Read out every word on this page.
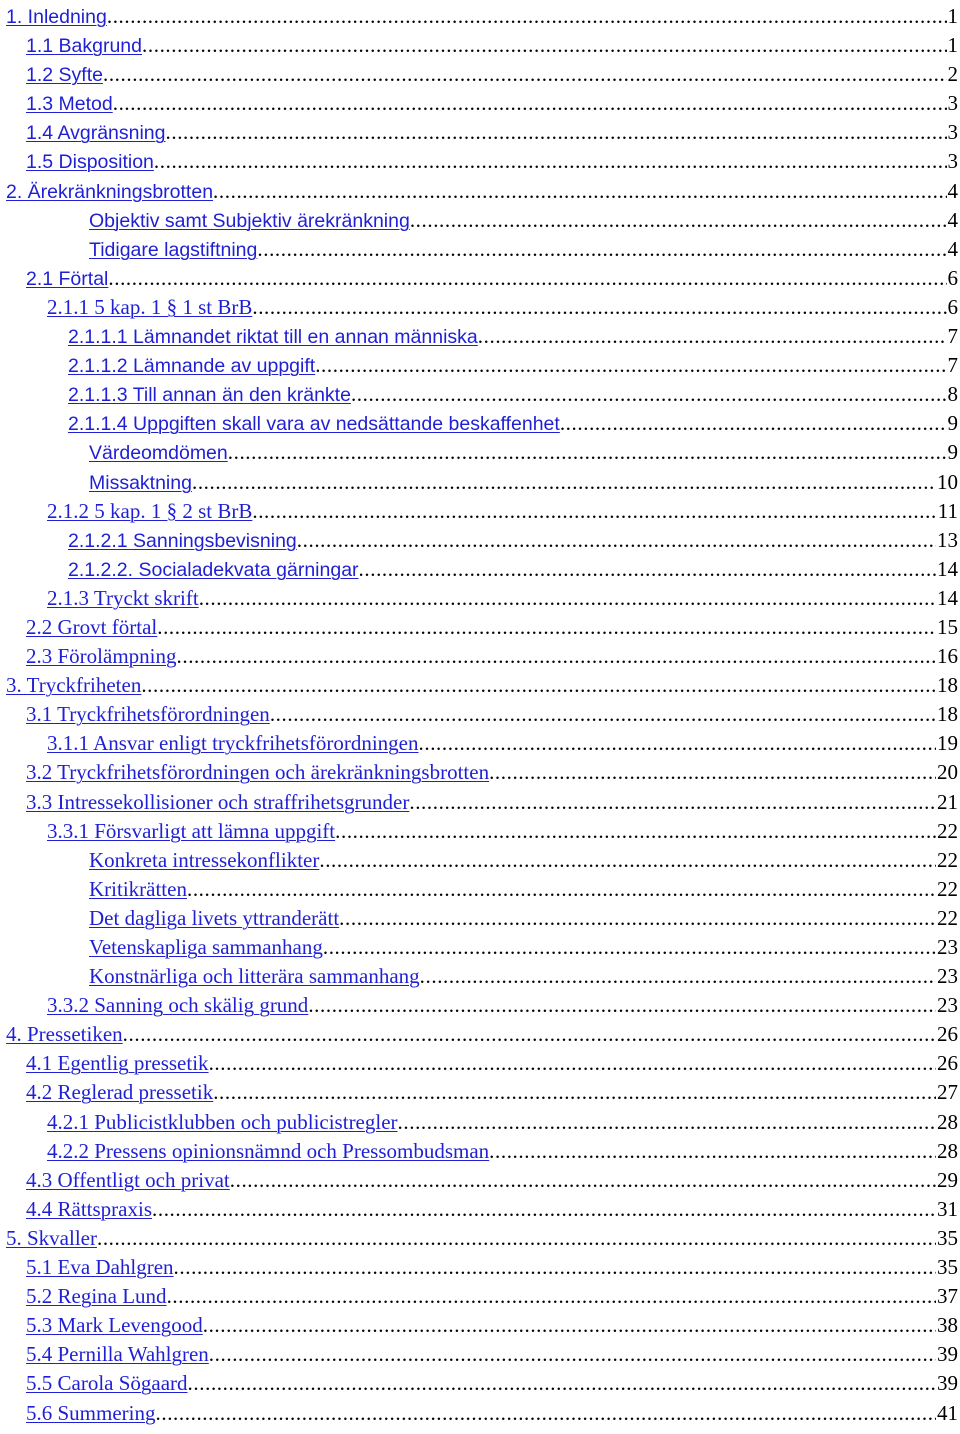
1. Inledning .....	1
1.1 Bakgrund .....	1
1.2 Syfte .....	2
1.3 Metod .....	3
1.4 Avgränsning .....	3
1.5 Disposition .....	3
2. Ärekränkningsbrotten .....	4
Objektiv samt Subjektiv ärekränkning .....	4
Tidigare lagstiftning .....	4
2.1 Förtal .....	6
2.1.1 5 kap. 1 § 1 st BrB .....	6
2.1.1.1 Lämnandet riktat till en annan människa .....	7
2.1.1.2 Lämnande av uppgift .....	7
2.1.1.3 Till annan än den kränkte .....	8
2.1.1.4 Uppgiften skall vara av nedsättande beskaffenhet .....	9
Värdeomdömen .....	9
Missaktning .....	10
2.1.2 5 kap. 1 § 2 st BrB .....	11
2.1.2.1 Sanningsbevisning .....	13
2.1.2.2. Socialadekvata gärningar .....	14
2.1.3 Tryckt skrift .....	14
2.2 Grovt förtal .....	15
2.3 Förolämpning .....	16
3. Tryckfriheten .....	18
3.1 Tryckfrihetsförordningen .....	18
3.1.1 Ansvar enligt tryckfrihetsförordningen .....	19
3.2 Tryckfrihetsförordningen och ärekränkningsbrotten .....	20
3.3 Intressekollisioner och straffrihetsgrunder .....	21
3.3.1 Försvarligt att lämna uppgift .....	22
Konkreta intressekonflikter .....	22
Kritikrätten .....	22
Det dagliga livets yttranderätt .....	22
Vetenskapliga sammanhang .....	23
Konstnärliga och litterära sammanhang .....	23
3.3.2 Sanning och skälig grund .....	23
4. Pressetiken .....	26
4.1 Egentlig pressetik .....	26
4.2 Reglerad pressetik .....	27
4.2.1 Publicistklubben och publicistregler .....	28
4.2.2 Pressens opinionsnämnd och Pressombudsman .....	28
4.3 Offentligt och privat .....	29
4.4 Rättspraxis .....	31
5. Skvaller .....	35
5.1 Eva Dahlgren .....	35
5.2 Regina Lund .....	37
5.3 Mark Levengood .....	38
5.4 Pernilla Wahlgren .....	39
5.5 Carola Sögaard .....	39
5.6 Summering .....	41
